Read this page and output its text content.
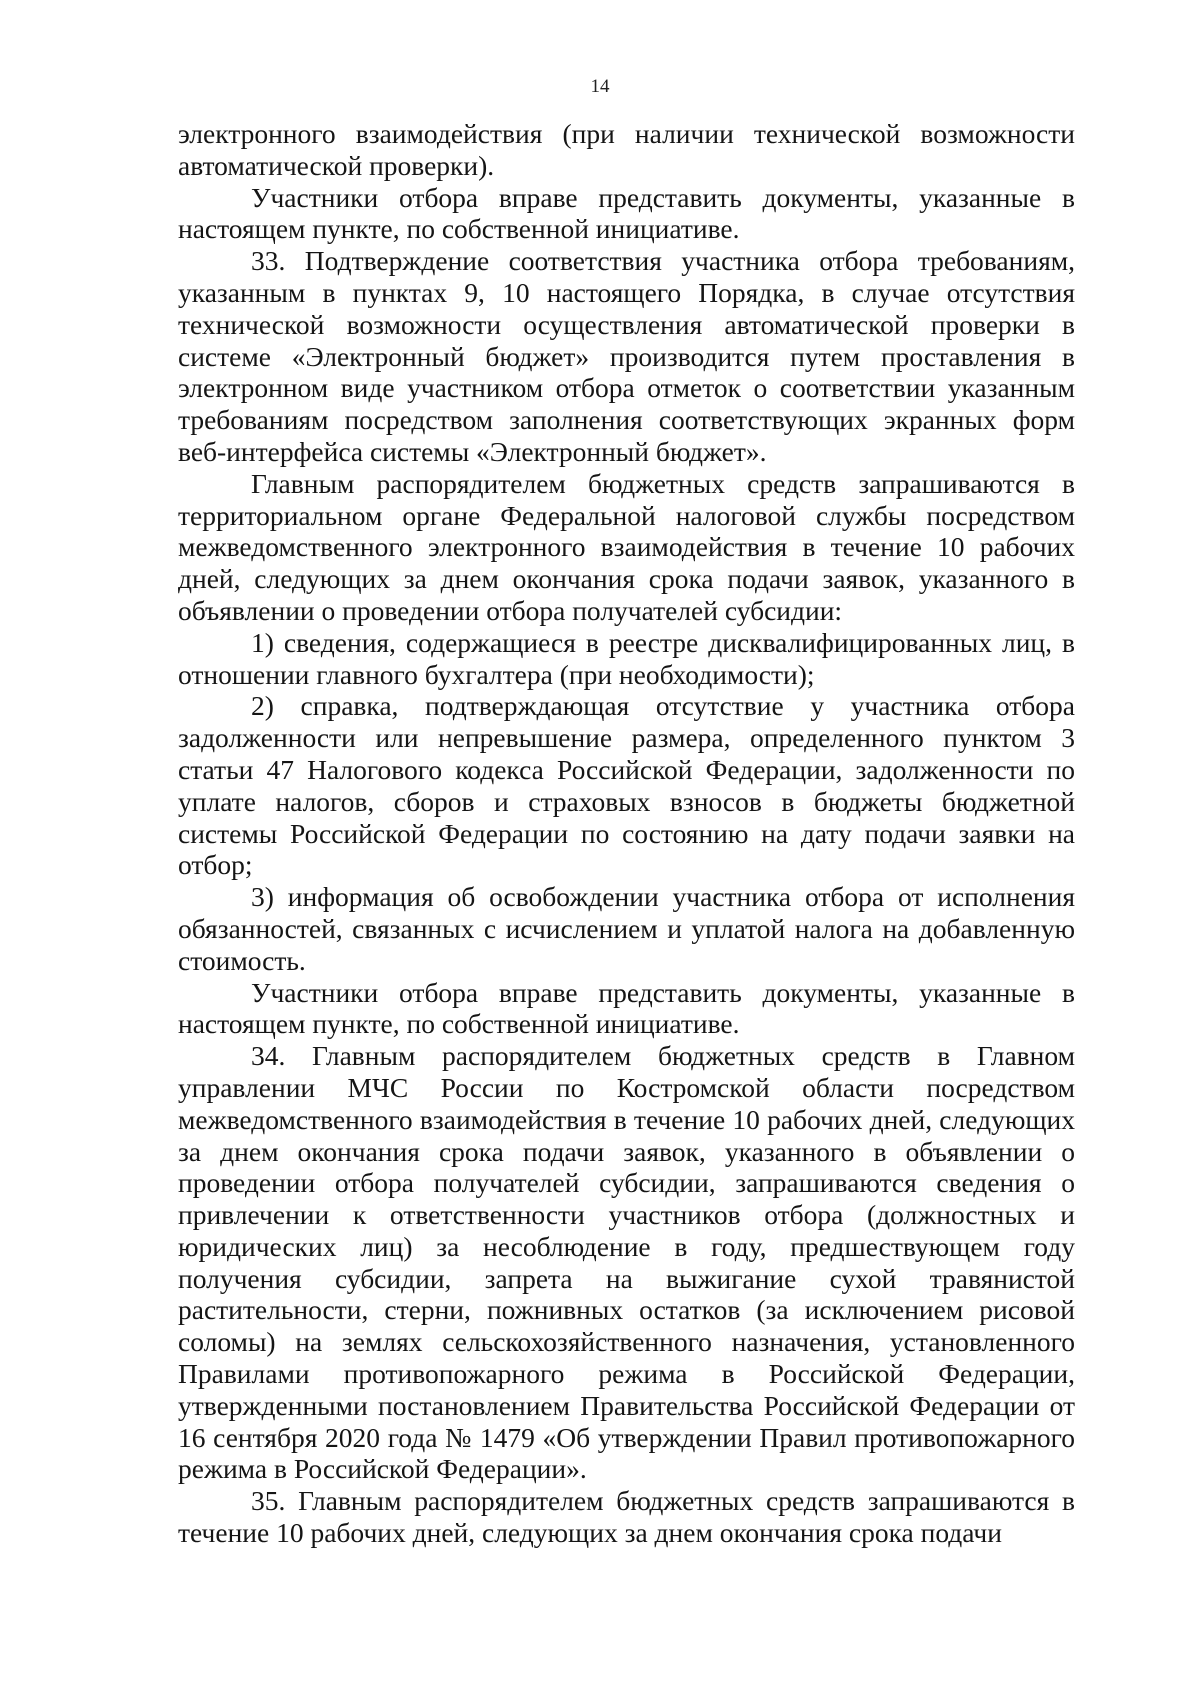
14

электронного взаимодействия (при наличии технической возможности автоматической проверки).

Участники отбора вправе представить документы, указанные в настоящем пункте, по собственной инициативе.

33. Подтверждение соответствия участника отбора требованиям, указанным в пунктах 9, 10 настоящего Порядка, в случае отсутствия технической возможности осуществления автоматической проверки в системе «Электронный бюджет» производится путем проставления в электронном виде участником отбора отметок о соответствии указанным требованиям посредством заполнения соответствующих экранных форм веб-интерфейса системы «Электронный бюджет».

Главным распорядителем бюджетных средств запрашиваются в территориальном органе Федеральной налоговой службы посредством межведомственного электронного взаимодействия в течение 10 рабочих дней, следующих за днем окончания срока подачи заявок, указанного в объявлении о проведении отбора получателей субсидии:

1) сведения, содержащиеся в реестре дисквалифицированных лиц, в отношении главного бухгалтера (при необходимости);

2) справка, подтверждающая отсутствие у участника отбора задолженности или непревышение размера, определенного пунктом 3 статьи 47 Налогового кодекса Российской Федерации, задолженности по уплате налогов, сборов и страховых взносов в бюджеты бюджетной системы Российской Федерации по состоянию на дату подачи заявки на отбор;

3) информация об освобождении участника отбора от исполнения обязанностей, связанных с исчислением и уплатой налога на добавленную стоимость.

Участники отбора вправе представить документы, указанные в настоящем пункте, по собственной инициативе.

34. Главным распорядителем бюджетных средств в Главном управлении МЧС России по Костромской области посредством межведомственного взаимодействия в течение 10 рабочих дней, следующих за днем окончания срока подачи заявок, указанного в объявлении о проведении отбора получателей субсидии, запрашиваются сведения о привлечении к ответственности участников отбора (должностных и юридических лиц) за несоблюдение в году, предшествующем году получения субсидии, запрета на выжигание сухой травянистой растительности, стерни, пожнивных остатков (за исключением рисовой соломы) на землях сельскохозяйственного назначения, установленного Правилами противопожарного режима в Российской Федерации, утвержденными постановлением Правительства Российской Федерации от 16 сентября 2020 года № 1479 «Об утверждении Правил противопожарного режима в Российской Федерации».

35. Главным распорядителем бюджетных средств запрашиваются в течение 10 рабочих дней, следующих за днем окончания срока подачи
